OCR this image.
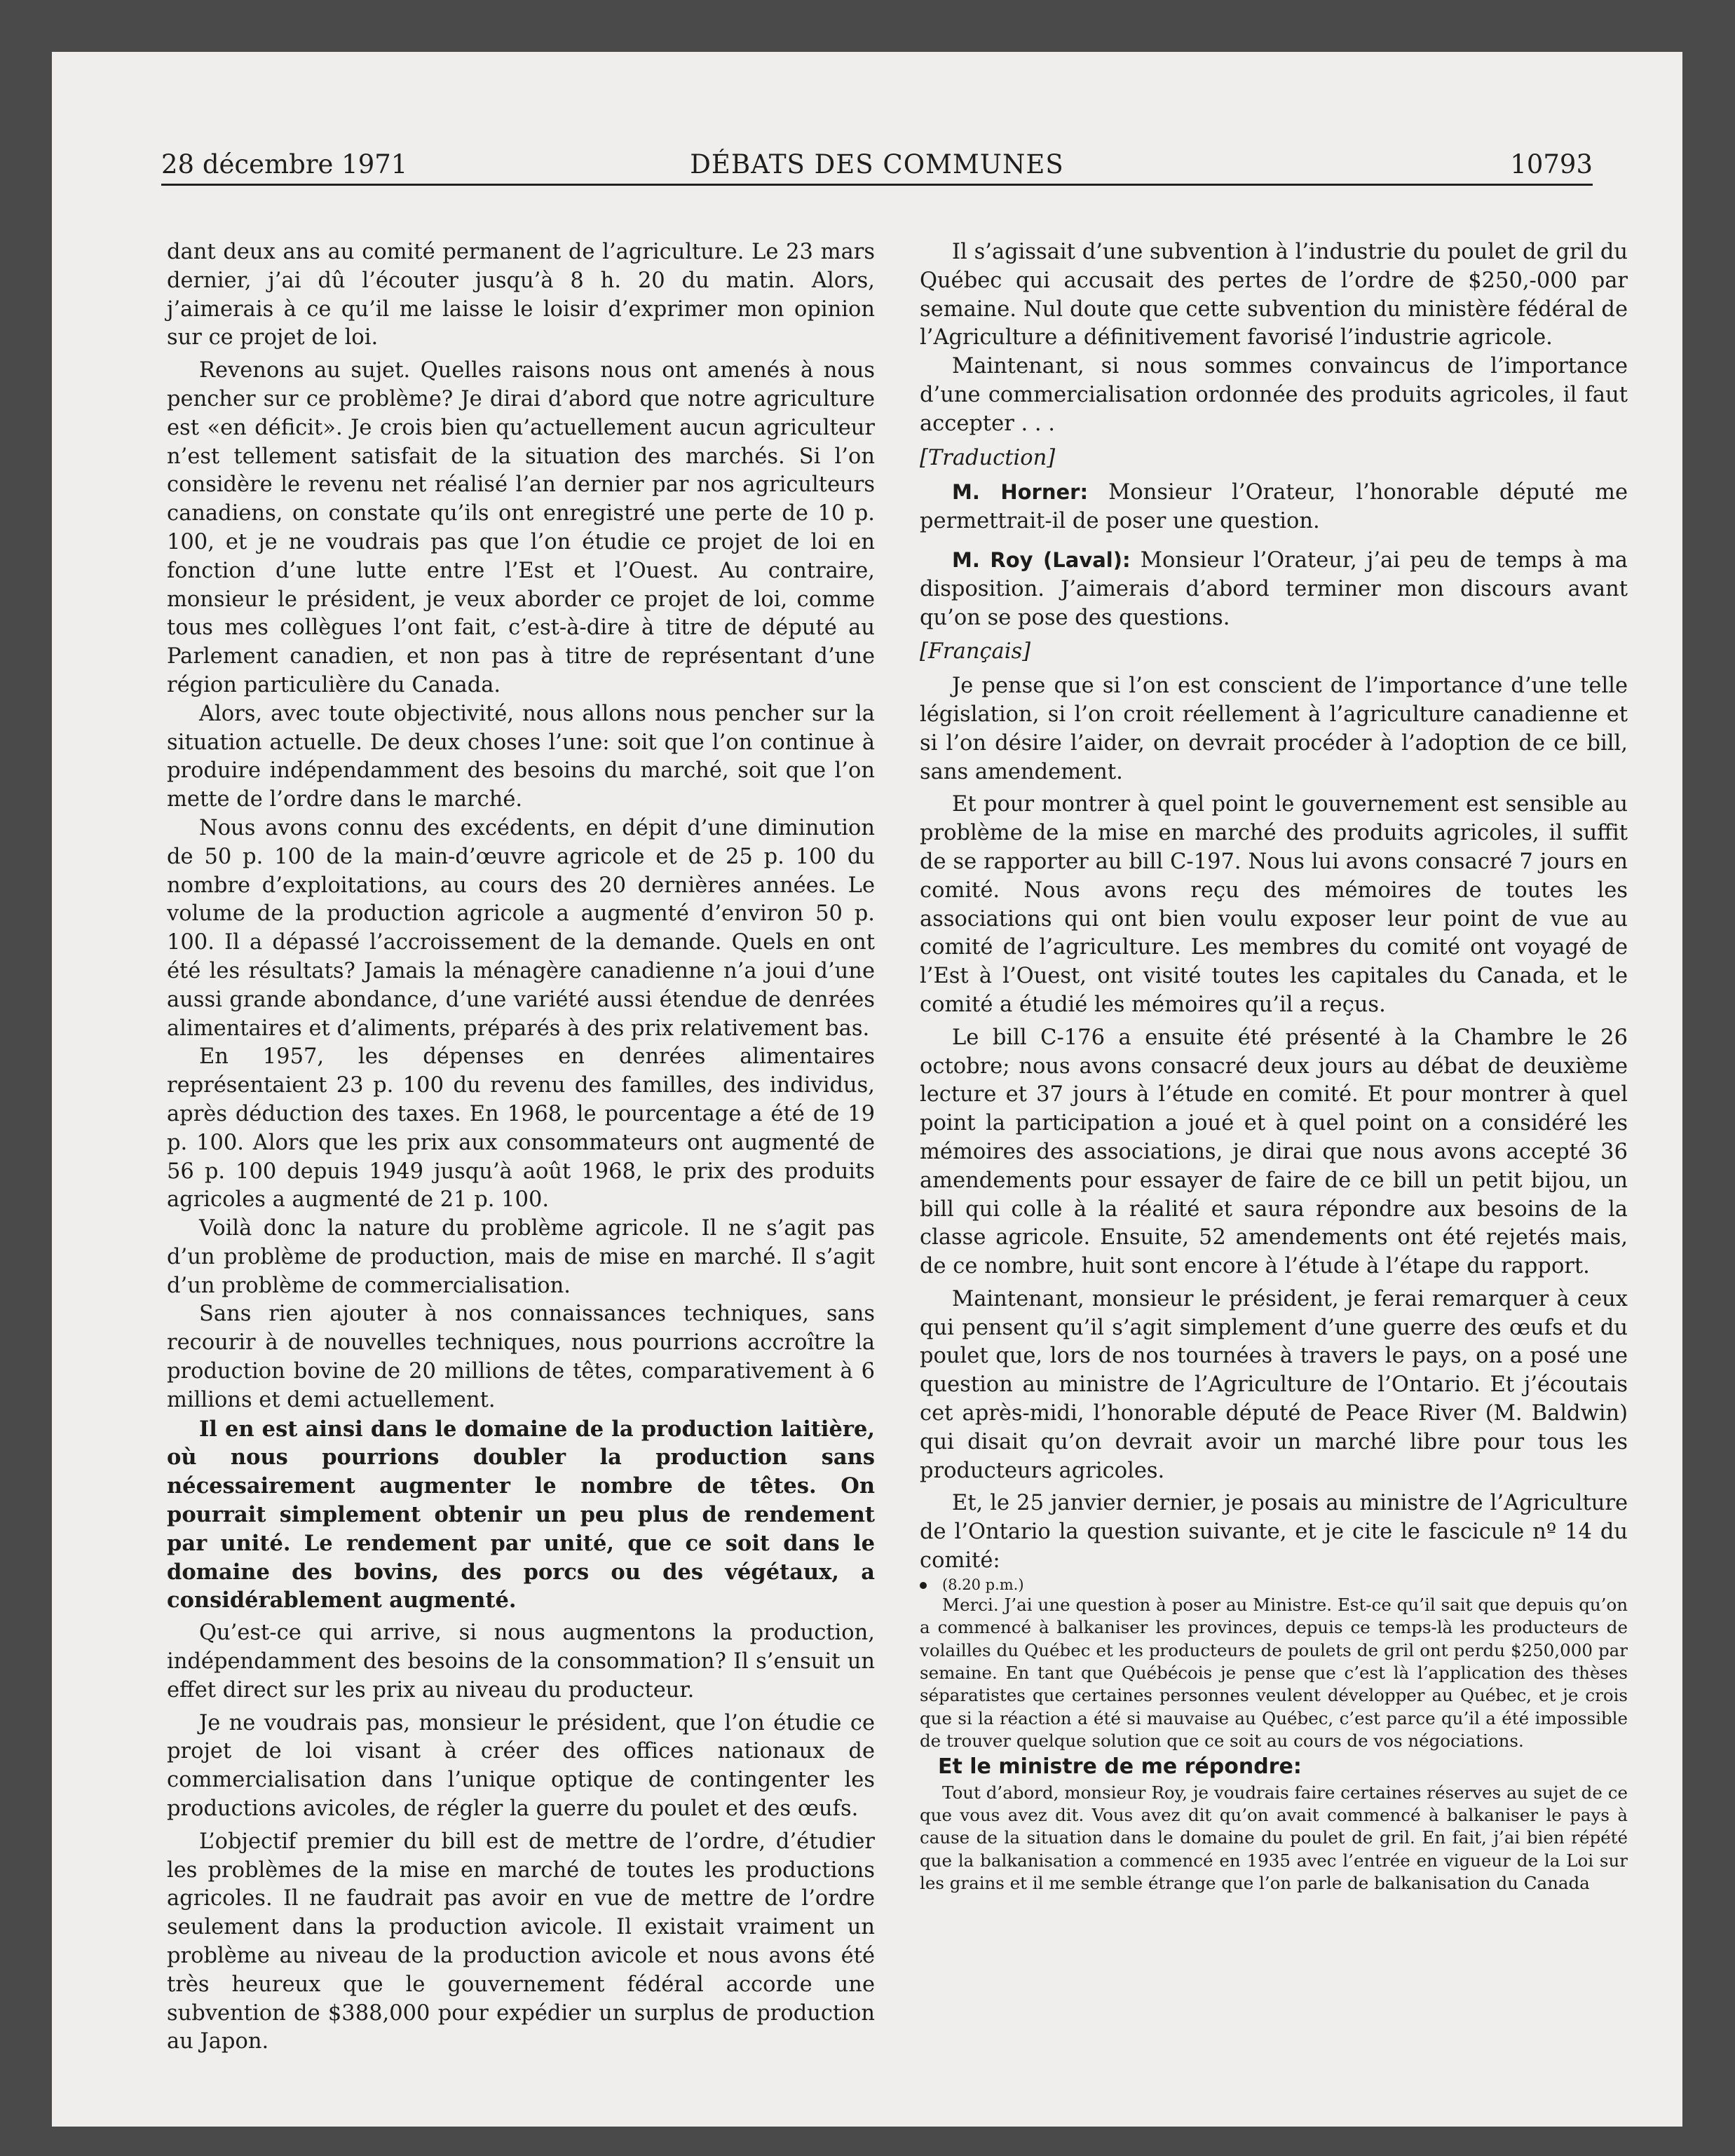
28 décembre 1971	DÉBATS DES COMMUNES	10793

dant deux ans au comité permanent de l’agriculture. Le 23 mars dernier, j’ai dû l’écouter jusqu’à 8 h. 20 du matin. Alors, j’aimerais à ce qu’il me laisse le loisir d’exprimer mon opinion sur ce projet de loi.

Revenons au sujet. Quelles raisons nous ont amenés à nous pencher sur ce problème? Je dirai d’abord que notre agriculture est «en déficit». Je crois bien qu’actuellement aucun agriculteur n’est tellement satisfait de la situation des marchés. Si l’on considère le revenu net réalisé l’an dernier par nos agriculteurs canadiens, on constate qu’ils ont enregistré une perte de 10 p. 100, et je ne voudrais pas que l’on étudie ce projet de loi en fonction d’une lutte entre l’Est et l’Ouest. Au contraire, monsieur le président, je veux aborder ce projet de loi, comme tous mes collègues l’ont fait, c’est-à-dire à titre de député au Parlement canadien, et non pas à titre de représentant d’une région particulière du Canada.

Alors, avec toute objectivité, nous allons nous pencher sur la situation actuelle. De deux choses l’une: soit que l’on continue à produire indépendamment des besoins du marché, soit que l’on mette de l’ordre dans le marché.

Nous avons connu des excédents, en dépit d’une diminution de 50 p. 100 de la main-d’œuvre agricole et de 25 p. 100 du nombre d’exploitations, au cours des 20 dernières années. Le volume de la production agricole a augmenté d’environ 50 p. 100. Il a dépassé l’accroissement de la demande. Quels en ont été les résultats? Jamais la ménagère canadienne n’a joui d’une aussi grande abondance, d’une variété aussi étendue de denrées alimentaires et d’aliments, préparés à des prix relativement bas.

En 1957, les dépenses en denrées alimentaires représentaient 23 p. 100 du revenu des familles, des individus, après déduction des taxes. En 1968, le pourcentage a été de 19 p. 100. Alors que les prix aux consommateurs ont augmenté de 56 p. 100 depuis 1949 jusqu’à août 1968, le prix des produits agricoles a augmenté de 21 p. 100.

Voilà donc la nature du problème agricole. Il ne s’agit pas d’un problème de production, mais de mise en marché. Il s’agit d’un problème de commercialisation.

Sans rien ajouter à nos connaissances techniques, sans recourir à de nouvelles techniques, nous pourrions accroître la production bovine de 20 millions de têtes, comparativement à 6 millions et demi actuellement.

Il en est ainsi dans le domaine de la production laitière, où nous pourrions doubler la production sans nécessairement augmenter le nombre de têtes. On pourrait simplement obtenir un peu plus de rendement par unité. Le rendement par unité, que ce soit dans le domaine des bovins, des porcs ou des végétaux, a considérablement augmenté.

Qu’est-ce qui arrive, si nous augmentons la production, indépendamment des besoins de la consommation? Il s’ensuit un effet direct sur les prix au niveau du producteur.

Je ne voudrais pas, monsieur le président, que l’on étudie ce projet de loi visant à créer des offices nationaux de commercialisation dans l’unique optique de contingenter les productions avicoles, de régler la guerre du poulet et des œufs.

L’objectif premier du bill est de mettre de l’ordre, d’étudier les problèmes de la mise en marché de toutes les productions agricoles. Il ne faudrait pas avoir en vue de mettre de l’ordre seulement dans la production avicole. Il existait vraiment un problème au niveau de la production avicole et nous avons été très heureux que le gouvernement fédéral accorde une subvention de $388,000 pour expédier un surplus de production au Japon.

Il s’agissait d’une subvention à l’industrie du poulet de gril du Québec qui accusait des pertes de l’ordre de $250,-000 par semaine. Nul doute que cette subvention du ministère fédéral de l’Agriculture a définitivement favorisé l’industrie agricole.

Maintenant, si nous sommes convaincus de l’importance d’une commercialisation ordonnée des produits agricoles, il faut accepter . . .

[Traduction]

M. Horner: Monsieur l’Orateur, l’honorable député me permettrait-il de poser une question.

M. Roy (Laval): Monsieur l’Orateur, j’ai peu de temps à ma disposition. J’aimerais d’abord terminer mon discours avant qu’on se pose des questions.

[Français]

Je pense que si l’on est conscient de l’importance d’une telle législation, si l’on croit réellement à l’agriculture canadienne et si l’on désire l’aider, on devrait procéder à l’adoption de ce bill, sans amendement.

Et pour montrer à quel point le gouvernement est sensible au problème de la mise en marché des produits agricoles, il suffit de se rapporter au bill C-197. Nous lui avons consacré 7 jours en comité. Nous avons reçu des mémoires de toutes les associations qui ont bien voulu exposer leur point de vue au comité de l’agriculture. Les membres du comité ont voyagé de l’Est à l’Ouest, ont visité toutes les capitales du Canada, et le comité a étudié les mémoires qu’il a reçus.

Le bill C-176 a ensuite été présenté à la Chambre le 26 octobre; nous avons consacré deux jours au débat de deuxième lecture et 37 jours à l’étude en comité. Et pour montrer à quel point la participation a joué et à quel point on a considéré les mémoires des associations, je dirai que nous avons accepté 36 amendements pour essayer de faire de ce bill un petit bijou, un bill qui colle à la réalité et saura répondre aux besoins de la classe agricole. Ensuite, 52 amendements ont été rejetés mais, de ce nombre, huit sont encore à l’étude à l’étape du rapport.

Maintenant, monsieur le président, je ferai remarquer à ceux qui pensent qu’il s’agit simplement d’une guerre des œufs et du poulet que, lors de nos tournées à travers le pays, on a posé une question au ministre de l’Agriculture de l’Ontario. Et j’écoutais cet après-midi, l’honorable député de Peace River (M. Baldwin) qui disait qu’on devrait avoir un marché libre pour tous les producteurs agricoles.

Et, le 25 janvier dernier, je posais au ministre de l’Agriculture de l’Ontario la question suivante, et je cite le fascicule nº 14 du comité:

(8.20 p.m.)

Merci. J’ai une question à poser au Ministre. Est-ce qu’il sait que depuis qu’on a commencé à balkaniser les provinces, depuis ce temps-là les producteurs de volailles du Québec et les producteurs de poulets de gril ont perdu $250,000 par semaine. En tant que Québécois je pense que c’est là l’application des thèses séparatistes que certaines personnes veulent développer au Québec, et je crois que si la réaction a été si mauvaise au Québec, c’est parce qu’il a été impossible de trouver quelque solution que ce soit au cours de vos négociations.

Et le ministre de me répondre:

Tout d’abord, monsieur Roy, je voudrais faire certaines réserves au sujet de ce que vous avez dit. Vous avez dit qu’on avait commencé à balkaniser le pays à cause de la situation dans le domaine du poulet de gril. En fait, j’ai bien répété que la balkanisation a commencé en 1935 avec l’entrée en vigueur de la Loi sur les grains et il me semble étrange que l’on parle de balkanisation du Canada
